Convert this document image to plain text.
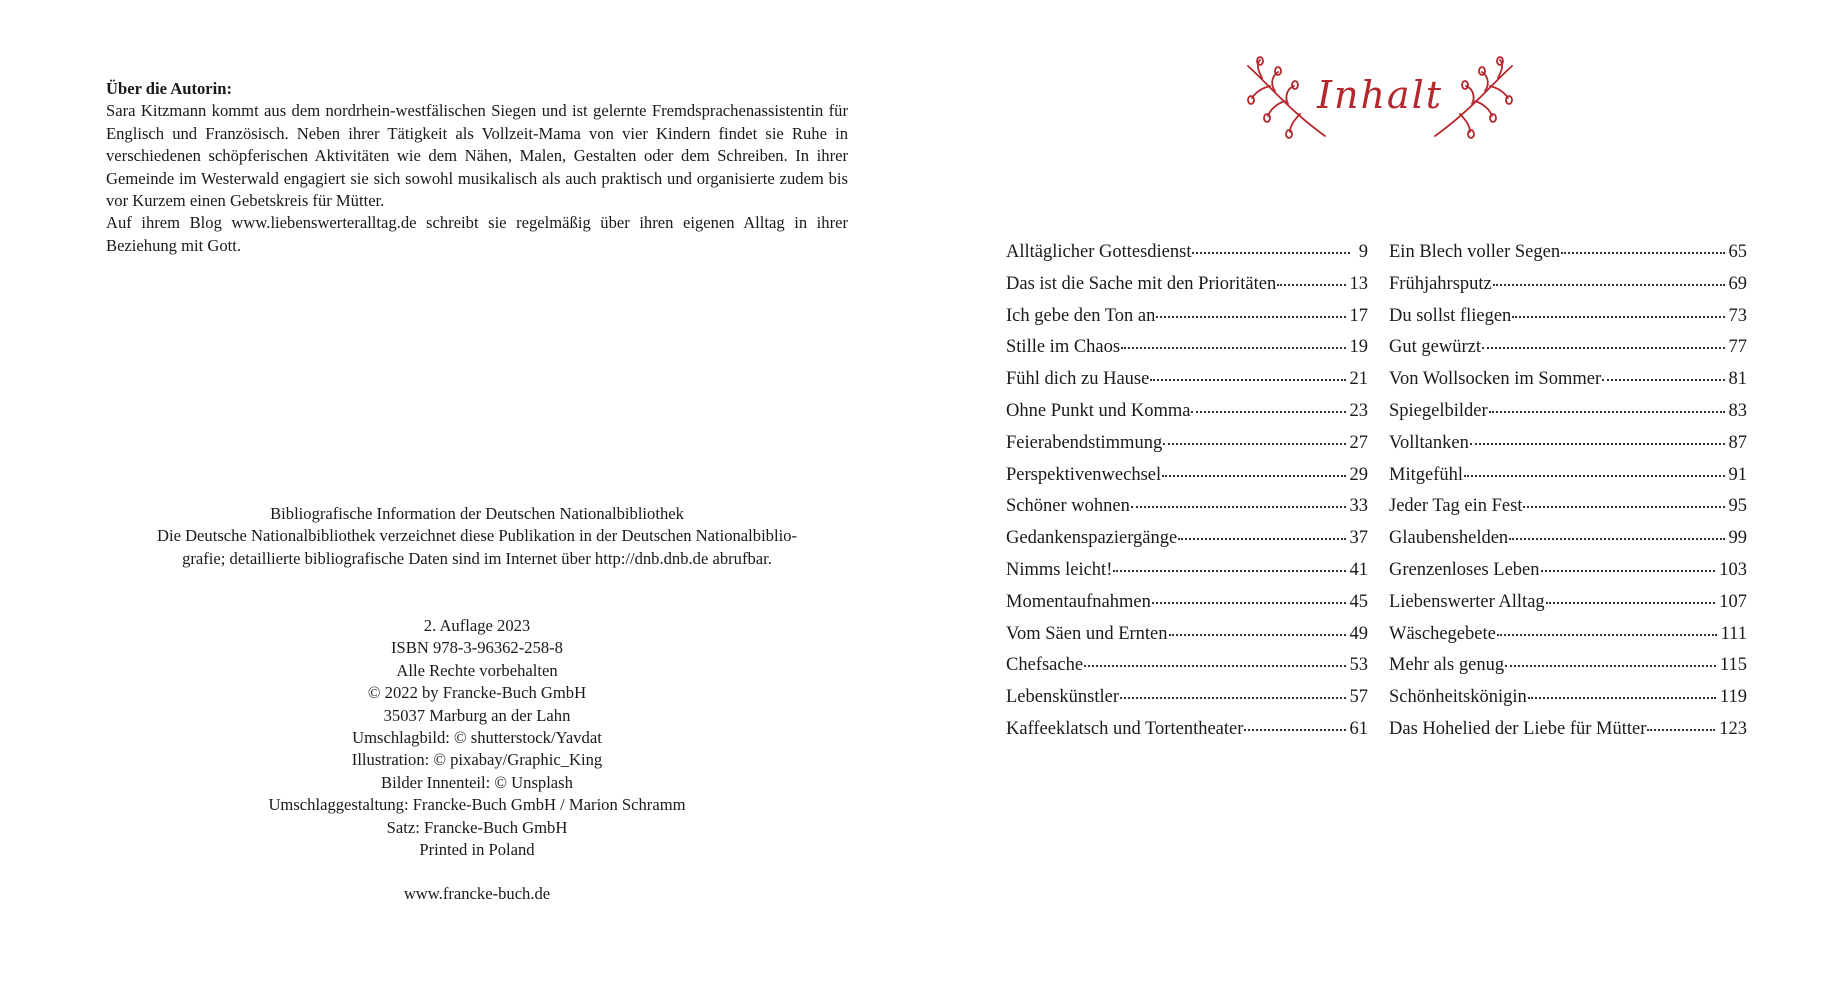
Über die Autorin:

Sara Kitzmann kommt aus dem nordrhein-westfälischen Siegen und ist gelernte Fremdsprachenassistentin für Englisch und Französisch. Neben ihrer Tätigkeit als Vollzeit-Mama von vier Kindern findet sie Ruhe in verschiedenen schöpferischen Aktivitäten wie dem Nähen, Malen, Gestalten oder dem Schreiben. In ihrer Gemeinde im Westerwald engagiert sie sich sowohl musikalisch als auch praktisch und organisierte zudem bis vor Kurzem einen Gebetskreis für Mütter.

Auf ihrem Blog www.liebenswerteralltag.de schreibt sie regelmäßig über ihren eigenen Alltag in ihrer Beziehung mit Gott.

Bibliografische Information der Deutschen Nationalbibliothek
Die Deutsche Nationalbibliothek verzeichnet diese Publikation in der Deutschen Nationalbiblio-
grafie; detaillierte bibliografische Daten sind im Internet über http://dnb.dnb.de abrufbar.
2. Auflage 2023
ISBN 978-3-96362-258-8
Alle Rechte vorbehalten
© 2022 by Francke-Buch GmbH
35037 Marburg an der Lahn
Umschlagbild: © shutterstock/Yavdat
Illustration: © pixabay/Graphic_King
Bilder Innenteil: © Unsplash
Umschlaggestaltung: Francke-Buch GmbH / Marion Schramm
Satz: Francke-Buch GmbH
Printed in Poland
www.francke-buch.de
Inhalt
Alltäglicher Gottesdienst	9
Das ist die Sache mit den Prioritäten	13
Ich gebe den Ton an	17
Stille im Chaos	19
Fühl dich zu Hause	21
Ohne Punkt und Komma	23
Feierabendstimmung	27
Perspektivenwechsel	29
Schöner wohnen	33
Gedankenspaziergänge	37
Nimms leicht!	41
Momentaufnahmen	45
Vom Säen und Ernten	49
Chefsache	53
Lebenskünstler	57
Kaffeeklatsch und Tortentheater	61
Ein Blech voller Segen	65
Frühjahrsputz	69
Du sollst fliegen	73
Gut gewürzt	77
Von Wollsocken im Sommer	81
Spiegelbilder	83
Volltanken	87
Mitgefühl	91
Jeder Tag ein Fest	95
Glaubenshelden	99
Grenzenloses Leben	103
Liebenswerter Alltag	107
Wäschegebete	111
Mehr als genug	115
Schönheitskönigin	119
Das Hohelied der Liebe für Mütter	123
